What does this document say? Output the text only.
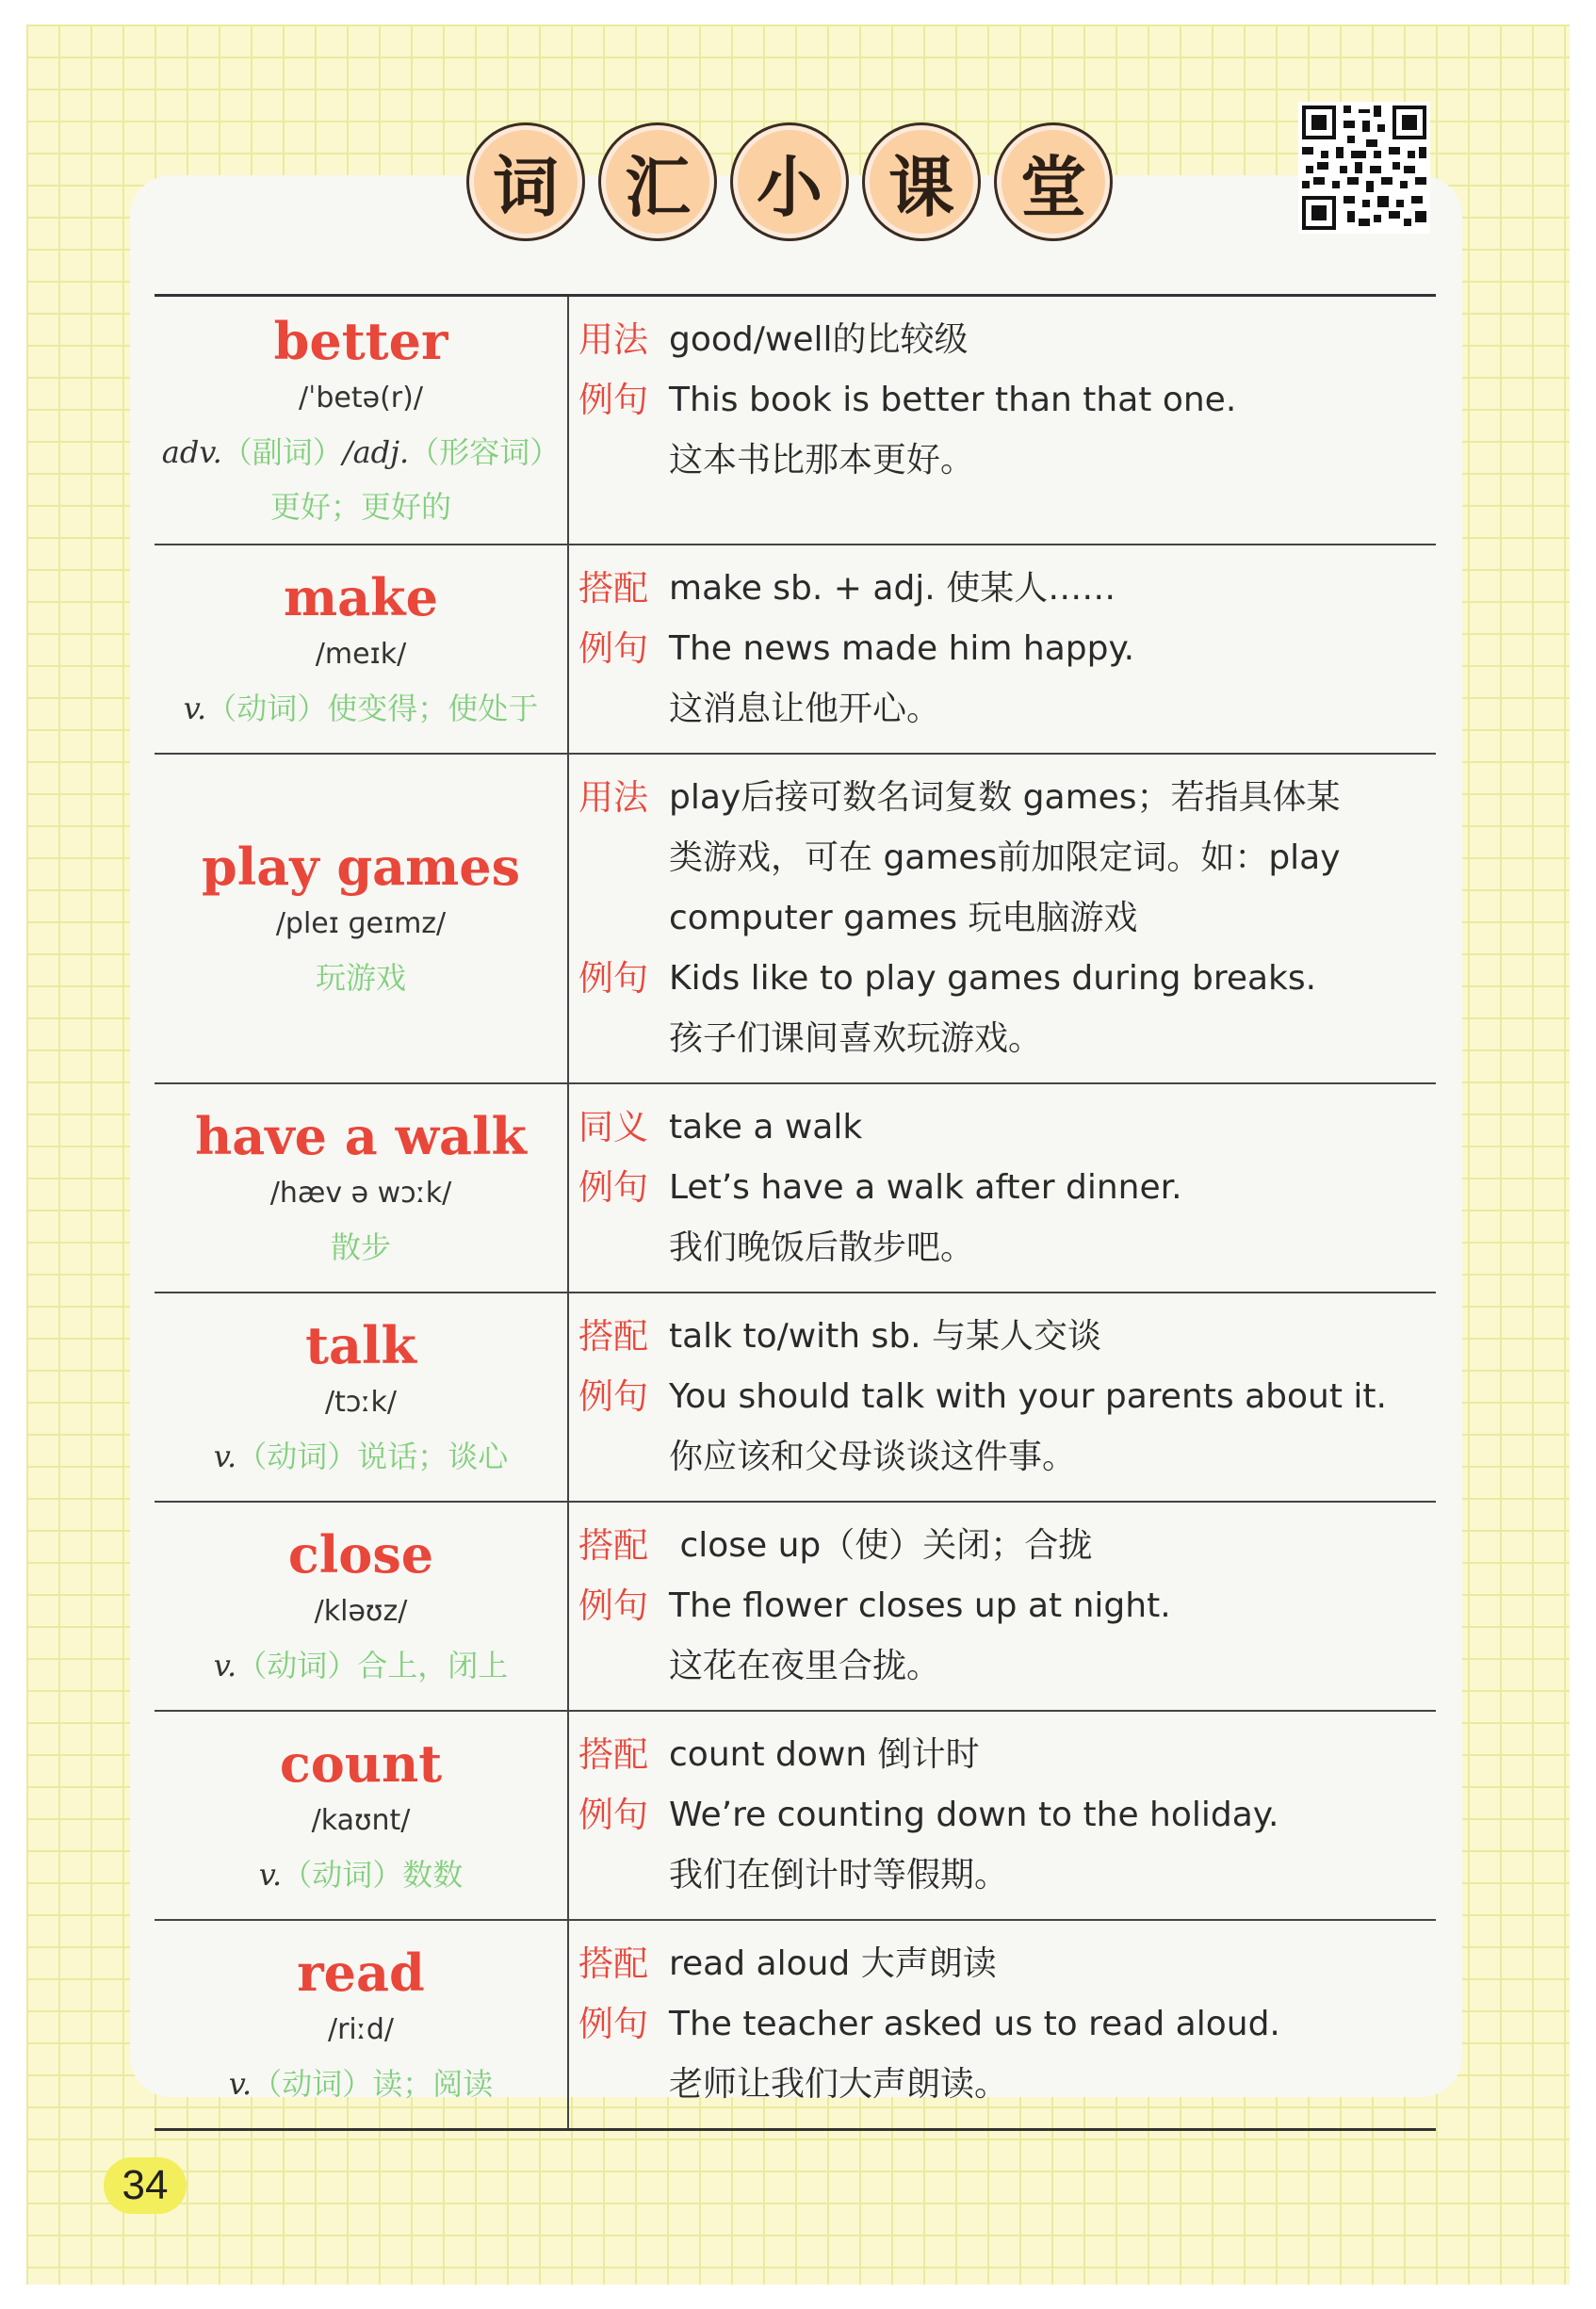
词	汇	小	课	堂
better
/ˈbetə(r)/
adv.（副词）/adj.（形容词）
更好；更好的
用法 good/well的比较级
例句 This book is better than that one.
这本书比那本更好。
make
/meɪk/
v.（动词）使变得；使处于
搭配 make sb. + adj. 使某人……
例句 The news made him happy.
这消息让他开心。
play games
/pleɪ ɡeɪmz/
玩游戏
用法 play后接可数名词复数 games；若指具体某
类游戏，可在 games前加限定词。如：play
computer games 玩电脑游戏
例句 Kids like to play games during breaks.
孩子们课间喜欢玩游戏。
have a walk
/hæv ə wɔːk/
散步
同义 take a walk
例句 Let’s have a walk after dinner.
我们晚饭后散步吧。
talk
/tɔːk/
v.（动词）说话；谈心
搭配 talk to/with sb. 与某人交谈
例句 You should talk with your parents about it.
你应该和父母谈谈这件事。
close
/kləʊz/
v.（动词）合上，闭上
搭配 close up（使）关闭；合拢
例句 The flower closes up at night.
这花在夜里合拢。
count
/kaʊnt/
v.（动词）数数
搭配 count down 倒计时
例句 We’re counting down to the holiday.
我们在倒计时等假期。
read
/riːd/
v.（动词）读；阅读
搭配 read aloud 大声朗读
例句 The teacher asked us to read aloud.
老师让我们大声朗读。
34
